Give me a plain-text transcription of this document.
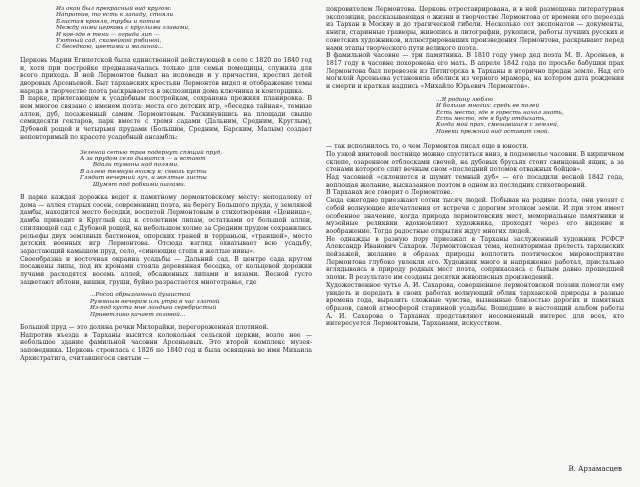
Из окон был прекрасный вид кругом:
Напротив, то есть к западу, стояли
Блистая кровля, трубы и потом
Между ними церковь с круглыми главами,
И кое-где в тени — ограда лип —
Уютный сад, скамейкой рябиной,
С беседкою, цветами и малиной...

Церковь Марии Египетской была единственной действующей в селе с 1820 по 1840 год и, хотя при постройке предназначалась только для семьи помещицы, служила для всего прихода. В ней Лермонтов бывал на исповеди и у причастия, крестил детей дворовых Арсеньевой. Быт тарханских крестьян Лермонтов видел и отображение темы народа в творчестве поэта раскрывается в экспозиции дома ключника и конторщика.

В парке, прилегающем к усадебным постройкам, сохранена прежняя планировка. В нем многое связано с именем поэта: места его детских игр, «беседка тайная», темные аллеи, дуб, посаженный самим Лермонтовым. Раскинувшись на площади свыше семидесяти гектаров, парк вместе с тремя садами (Дальним, Средним, Круглым), Дубовой рощей и четырьмя прудами (Большим, Средним, Барским, Малым) создает неповторимый по красоте усадебный ансамбль:

Зеленой сетью трав подернут спящий пруд,
А за прудом село дымится — и встают
Вдали туманы над полями.
В аллею темную вхожу я; сквозь кусты
Глядит вечерний луч, и желтые листы
Шумят под робкими шагами.

В парке каждая дорожка ведет к памятному лермонтовскому месту: неподалеку от дома — аллея старых сосен, современниц поэта, на берегу Большого пруда, у земляной дамбы, находится место беседки, воспетой Лермонтовым в стихотворении «Ценница», дамба приводит в Круглый сад к столетним липам, остатками от большой аллеи, спиляющей сад с Дубовой рощей, на небольшом холме за Средним прудом сохранились рельефы двух земляных бастионов, опорских траней и терраньон, «траншей», место детских военных игр Лермонтова. Отсюда взгляд охватывает всю усадьбу, зарастающий камышом пруд, село, «синеющие степи и желтые нивы».

Своеобразна и восточная окраина усадьбы — Дальний сад. В центре сада кругом посажены липы, под их кронами стояла деревянная беседка, от кольцевой дорожки лучами расходятся восемь аллей, обсаженных липами и вязами. Весной густо зацветают яблони, вишни, груши, буйно разрастается многотравье, где

...Росой обрызганный душистой
Румяным вечером иль утра в час златой
Из-под куста мне ландыш серебристый
Приветливо качает головой...

Большой пруд — это долина речки Милорайки, перегороженная плотиной.

Напротив въезда в Тарханы высится колокольня сельской церкви, возле нее — небольшое здание фамильной часовни Арсеньевых. Это второй комплекс музея-заповедника. Церковь строилась с 1826 по 1840 год и была освящена во имя Михаила Архистратига, считавшегося святым —

покровителем Лермонтова. Церковь отреставрирована, и в ней размещена литературная экспозиция, рассказывающая о жизни и творчестве Лермонтова от времени его переезда из Тархан в Москву и до трагической гибели. Несколько сот экспонатов — документы, книги, старинные гравюры, живопись и литографии, рукописи, работы лучших русских и советских художников, иллюстрировавших произведения Лермонтова, раскрывают перед нами этапы творческого пути великого поэта.

В фамильной часовне — три памятника. В 1810 году умер дед поэта М. В. Арсеньев, в 1817 году в часовне похоронена его мать. В апреле 1842 года по просьбе бабушки прах Лермонтова был перевезен из Пятигорска в Тарханы и вторично предан земле. Над его могилой Арсеньева установила обелиск из черного мрамора, на котором дата рождения и смерти и краткая надпись «Михайло Юрьевич Лермонтов».

...Я родину люблю
И больше многих: средь ее полей
Есть место, где я горесть начал знать,
Есть место, где я буду отдыхать,
Когда мой прах, смешавшися с землей,
Навеки прежний вид оставит свой.

— так исполнилось то, о чем Лермонтов писал еще в юности.

По узкой винтовой лестнице можно спуститься вниз, в подземелье часовни. В кирпичном склепе, озаренном отблесками свечей, на дубовых брусьях стоит свинцовый ящик, а за стенами которого спит вечным сном «последний потомок отважных бойцов».

Над часовней «склоняется и шумит темный дуб» — его посадили весной 1842 года, воплощая желание, высказанное поэтом в одном из последних стихотворений.

В Тарханах все говорит о Лермонтове.

Сюда ежегодно приезжают сотни тысяч людей. Побывав на родине поэта, они увозят с собой волнующие впечатления от встречи с дорогим этолком земли. И при этом имеет особенное значение, когда природа лермонтовских мест, мемориальные памятники и музейные реликвии вдохновляют художника, проходят через его видение и воображение. Тогда радостные открытия ждут многих людей.

Не однажды в разную пору приезжал в Тарханы заслуженный художник РСФСР Александр Иванович Сахаров. Лермонтовская тема, неповторимая прелесть тарханских пейзажей, желание в образах природы воплотить поэтическое мировосприятие Лермонтова глубоко увлекли его. Художник много и напряженно работал, пристально вглядываясь в природу родных мест поэта, соприкасаясь с былым давно прошедшей эпохи. В результате им созданы десятки живописных произведений.

Художественное чутье А. И. Сахарова, совершенное лермонтовской поэзии помогли ему увидеть и передать в своих работах волнующий облик тарханской природы в разные времена года, выразить сложные чувства, вызванные близостью дорогих и памятных образов, самой атмосферой старинной усадьбы. Вошедшие в настоящий альбом работы А. И. Сахарова о Тарханах представляют несомненный интерес для всех, кто интересуется Лермонтовым, Тарханами, искусством.

В. Арзамасцев
